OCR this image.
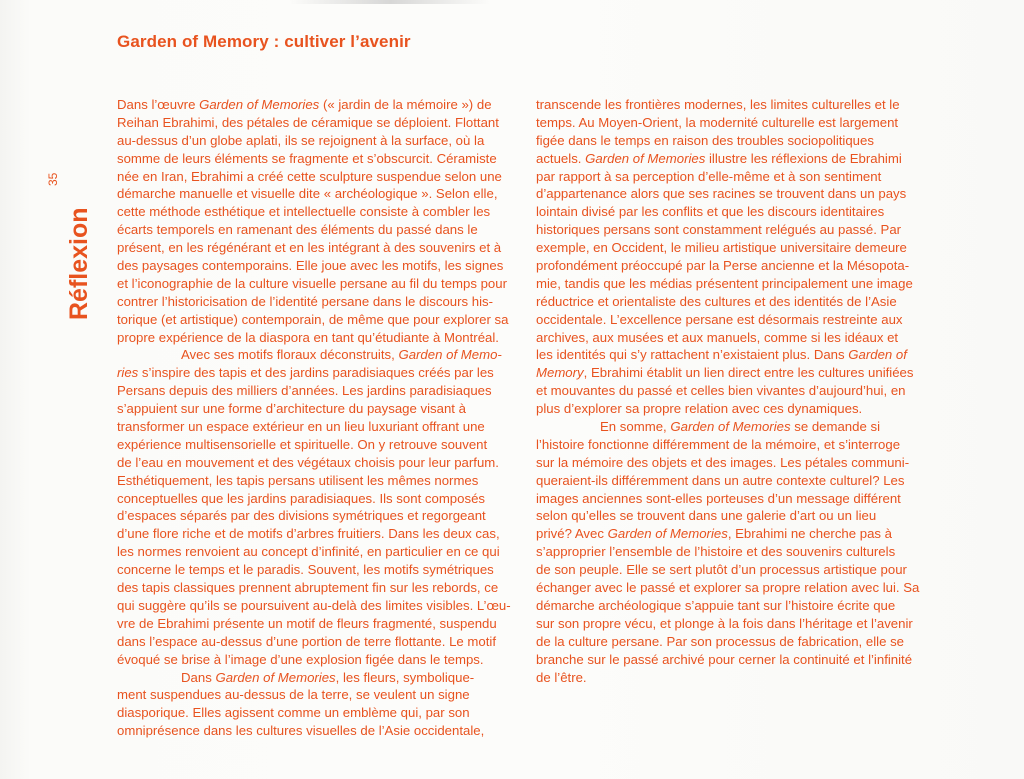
Garden of Memory : cultiver l’avenir
35
Réflexion
Dans l’œuvre Garden of Memories (« jardin de la mémoire ») de
Reihan Ebrahimi, des pétales de céramique se déploient. Flottant
au-dessus d’un globe aplati, ils se rejoignent à la surface, où la
somme de leurs éléments se fragmente et s’obscurcit. Céramiste
née en Iran, Ebrahimi a créé cette sculpture suspendue selon une
démarche manuelle et visuelle dite « archéologique ». Selon elle,
cette méthode esthétique et intellectuelle consiste à combler les
écarts temporels en ramenant des éléments du passé dans le
présent, en les régénérant et en les intégrant à des souvenirs et à
des paysages contemporains. Elle joue avec les motifs, les signes
et l’iconographie de la culture visuelle persane au fil du temps pour
contrer l’historicisation de l’identité persane dans le discours his-
torique (et artistique) contemporain, de même que pour explorer sa
propre expérience de la diaspora en tant qu’étudiante à Montréal.
Avec ses motifs floraux déconstruits, Garden of Memo-
ries s’inspire des tapis et des jardins paradisiaques créés par les
Persans depuis des milliers d’années. Les jardins paradisiaques
s’appuient sur une forme d’architecture du paysage visant à
transformer un espace extérieur en un lieu luxuriant offrant une
expérience multisensorielle et spirituelle. On y retrouve souvent
de l’eau en mouvement et des végétaux choisis pour leur parfum.
Esthétiquement, les tapis persans utilisent les mêmes normes
conceptuelles que les jardins paradisiaques. Ils sont composés
d’espaces séparés par des divisions symétriques et regorgeant
d’une flore riche et de motifs d’arbres fruitiers. Dans les deux cas,
les normes renvoient au concept d’infinité, en particulier en ce qui
concerne le temps et le paradis. Souvent, les motifs symétriques
des tapis classiques prennent abruptement fin sur les rebords, ce
qui suggère qu’ils se poursuivent au-delà des limites visibles. L’œu-
vre de Ebrahimi présente un motif de fleurs fragmenté, suspendu
dans l’espace au-dessus d’une portion de terre flottante. Le motif
évoqué se brise à l’image d’une explosion figée dans le temps.
Dans Garden of Memories, les fleurs, symbolique-
ment suspendues au-dessus de la terre, se veulent un signe
diasporique. Elles agissent comme un emblème qui, par son
omniprésence dans les cultures visuelles de l’Asie occidentale,
transcende les frontières modernes, les limites culturelles et le
temps. Au Moyen-Orient, la modernité culturelle est largement
figée dans le temps en raison des troubles sociopolitiques
actuels. Garden of Memories illustre les réflexions de Ebrahimi
par rapport à sa perception d’elle-même et à son sentiment
d’appartenance alors que ses racines se trouvent dans un pays
lointain divisé par les conflits et que les discours identitaires
historiques persans sont constamment relégués au passé. Par
exemple, en Occident, le milieu artistique universitaire demeure
profondément préoccupé par la Perse ancienne et la Mésopota-
mie, tandis que les médias présentent principalement une image
réductrice et orientaliste des cultures et des identités de l’Asie
occidentale. L’excellence persane est désormais restreinte aux
archives, aux musées et aux manuels, comme si les idéaux et
les identités qui s’y rattachent n’existaient plus. Dans Garden of
Memory, Ebrahimi établit un lien direct entre les cultures unifiées
et mouvantes du passé et celles bien vivantes d’aujourd’hui, en
plus d’explorer sa propre relation avec ces dynamiques.
En somme, Garden of Memories se demande si
l’histoire fonctionne différemment de la mémoire, et s’interroge
sur la mémoire des objets et des images. Les pétales communi-
queraient-ils différemment dans un autre contexte culturel? Les
images anciennes sont-elles porteuses d’un message différent
selon qu’elles se trouvent dans une galerie d’art ou un lieu
privé? Avec Garden of Memories, Ebrahimi ne cherche pas à
s’approprier l’ensemble de l’histoire et des souvenirs culturels
de son peuple. Elle se sert plutôt d’un processus artistique pour
échanger avec le passé et explorer sa propre relation avec lui. Sa
démarche archéologique s’appuie tant sur l’histoire écrite que
sur son propre vécu, et plonge à la fois dans l’héritage et l’avenir
de la culture persane. Par son processus de fabrication, elle se
branche sur le passé archivé pour cerner la continuité et l’infinité
de l’être.
